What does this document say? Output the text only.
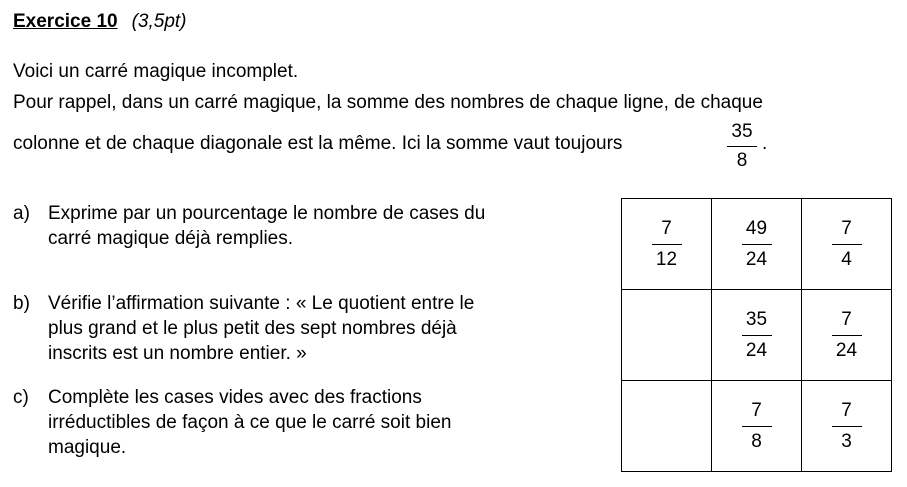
Exercice 10 (3,5pt)
Voici un carré magique incomplet.
Pour rappel, dans un carré magique, la somme des nombres de chaque ligne, de chaque
colonne et de chaque diagonale est la même. Ici la somme vaut toujours
35
8
.
a) Exprime par un pourcentage le nombre de cases du
carré magique déjà remplies.
b) Vérifie l’affirmation suivante : « Le quotient entre le
plus grand et le plus petit des sept nombres déjà
inscrits est un nombre entier. »
c) Complète les cases vides avec des fractions
irréductibles de façon à ce que le carré soit bien
magique.
$\frac{7}{12}$	$\frac{49}{24}$	$\frac{7}{4}$

	$\frac{35}{24}$	$\frac{7}{24}$

	$\frac{7}{8}$	$\frac{7}{3}$
